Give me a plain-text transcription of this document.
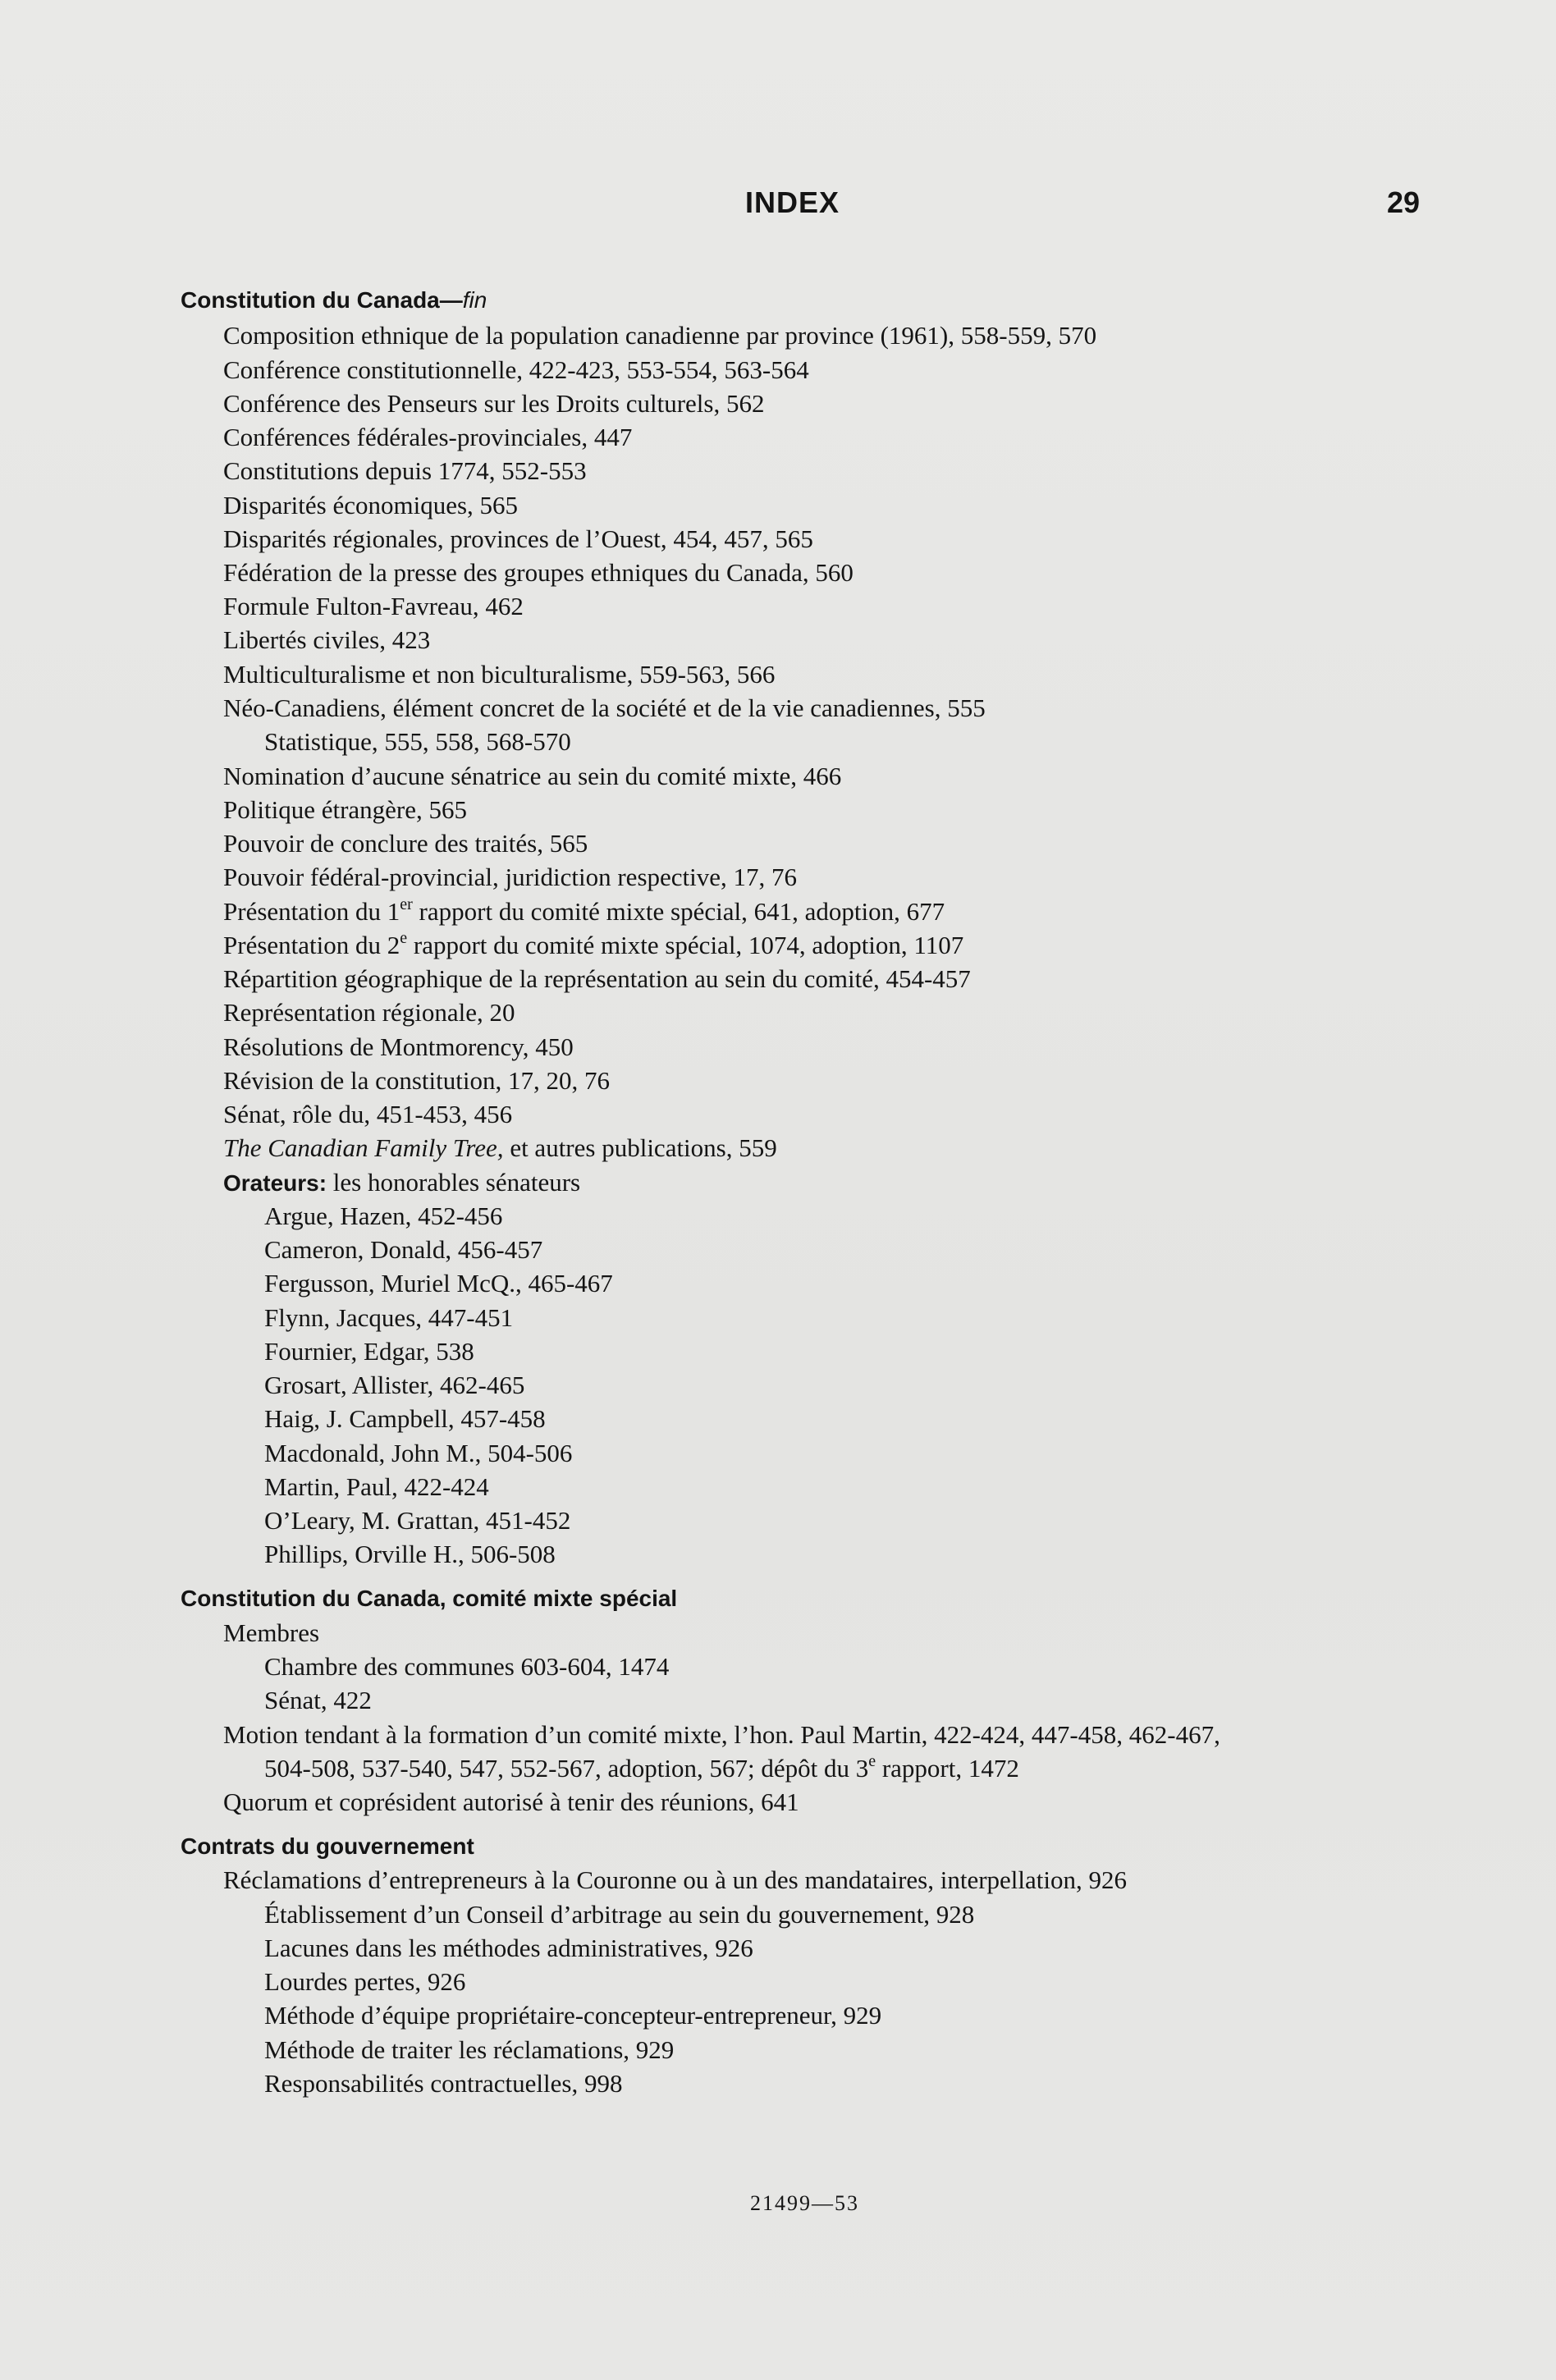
INDEX	29
Constitution du Canada—fin
Composition ethnique de la population canadienne par province (1961), 558-559, 570
Conférence constitutionnelle, 422-423, 553-554, 563-564
Conférence des Penseurs sur les Droits culturels, 562
Conférences fédérales-provinciales, 447
Constitutions depuis 1774, 552-553
Disparités économiques, 565
Disparités régionales, provinces de l’Ouest, 454, 457, 565
Fédération de la presse des groupes ethniques du Canada, 560
Formule Fulton-Favreau, 462
Libertés civiles, 423
Multiculturalisme et non biculturalisme, 559-563, 566
Néo-Canadiens, élément concret de la société et de la vie canadiennes, 555
Statistique, 555, 558, 568-570
Nomination d’aucune sénatrice au sein du comité mixte, 466
Politique étrangère, 565
Pouvoir de conclure des traités, 565
Pouvoir fédéral-provincial, juridiction respective, 17, 76
Présentation du 1er rapport du comité mixte spécial, 641, adoption, 677
Présentation du 2e rapport du comité mixte spécial, 1074, adoption, 1107
Répartition géographique de la représentation au sein du comité, 454-457
Représentation régionale, 20
Résolutions de Montmorency, 450
Révision de la constitution, 17, 20, 76
Sénat, rôle du, 451-453, 456
The Canadian Family Tree, et autres publications, 559
Orateurs: les honorables sénateurs
Argue, Hazen, 452-456
Cameron, Donald, 456-457
Fergusson, Muriel McQ., 465-467
Flynn, Jacques, 447-451
Fournier, Edgar, 538
Grosart, Allister, 462-465
Haig, J. Campbell, 457-458
Macdonald, John M., 504-506
Martin, Paul, 422-424
O’Leary, M. Grattan, 451-452
Phillips, Orville H., 506-508
Constitution du Canada, comité mixte spécial
Membres
Chambre des communes 603-604, 1474
Sénat, 422
Motion tendant à la formation d’un comité mixte, l’hon. Paul Martin, 422-424, 447-458, 462-467,
504-508, 537-540, 547, 552-567, adoption, 567; dépôt du 3e rapport, 1472
Quorum et coprésident autorisé à tenir des réunions, 641
Contrats du gouvernement
Réclamations d’entrepreneurs à la Couronne ou à un des mandataires, interpellation, 926
Établissement d’un Conseil d’arbitrage au sein du gouvernement, 928
Lacunes dans les méthodes administratives, 926
Lourdes pertes, 926
Méthode d’équipe propriétaire-concepteur-entrepreneur, 929
Méthode de traiter les réclamations, 929
Responsabilités contractuelles, 998
21499—53
